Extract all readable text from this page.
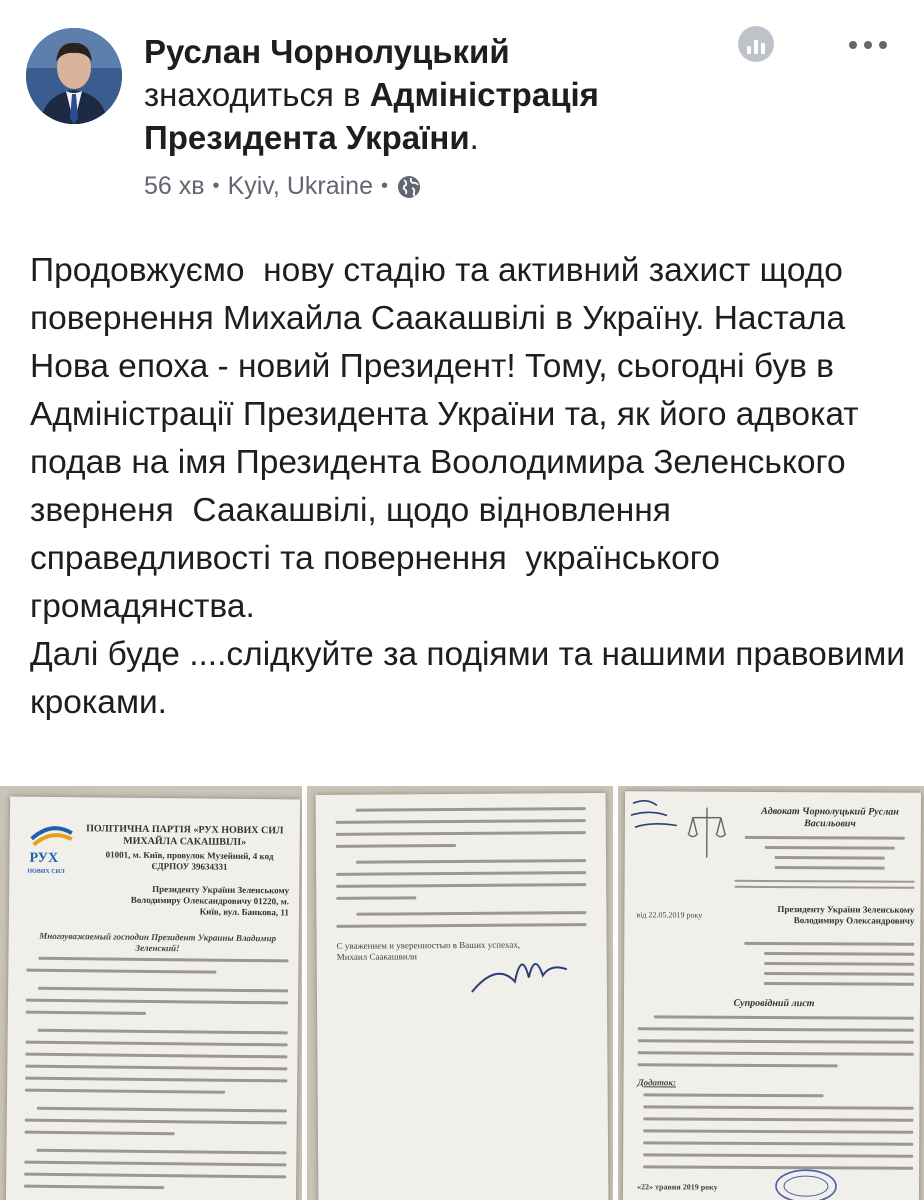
Руслан Чорнолуцький
знаходиться в Адміністрація Президента України.
56 хв • Kyiv, Ukraine •

Продовжуємо  нову стадію та активний захист щодо повернення Михайла Саакашвілі в Україну. Настала Нова епоха - новий Президент! Тому, сьогодні був в Адміністрації Президента України та, як його адвокат подав на імя Президента Воолодимира Зеленського зверненя  Саакашвілі, щодо відновлення справедливості та повернення  українського громадянства.

Далі буде ....слідкуйте за подіями та нашими правовими  кроками.

РУХ
НОВИХ СИЛ
ПОЛІТИЧНА ПАРТІЯ «РУХ НОВИХ СИЛ МИХАЙЛА САКАШВІЛІ»
01001, м. Київ, провулок Музейний, 4 код ЄДРПОУ 39634331
Президенту України Зеленському Володимиру Олександровичу 01220, м. Київ, вул. Банкова, 11
Многоуважаемый господин Президент Украины Владимир Зеленский!	С уважением и уверенностью в Ваших успехах, Михаил Саакашвили
Адвокат Чорнолуцький Руслан Васильович
від 22.05.2019 року
Президенту України Зеленському Володимиру Олександровичу
Супровідний лист
Додаток:
«22» травня 2019 року
